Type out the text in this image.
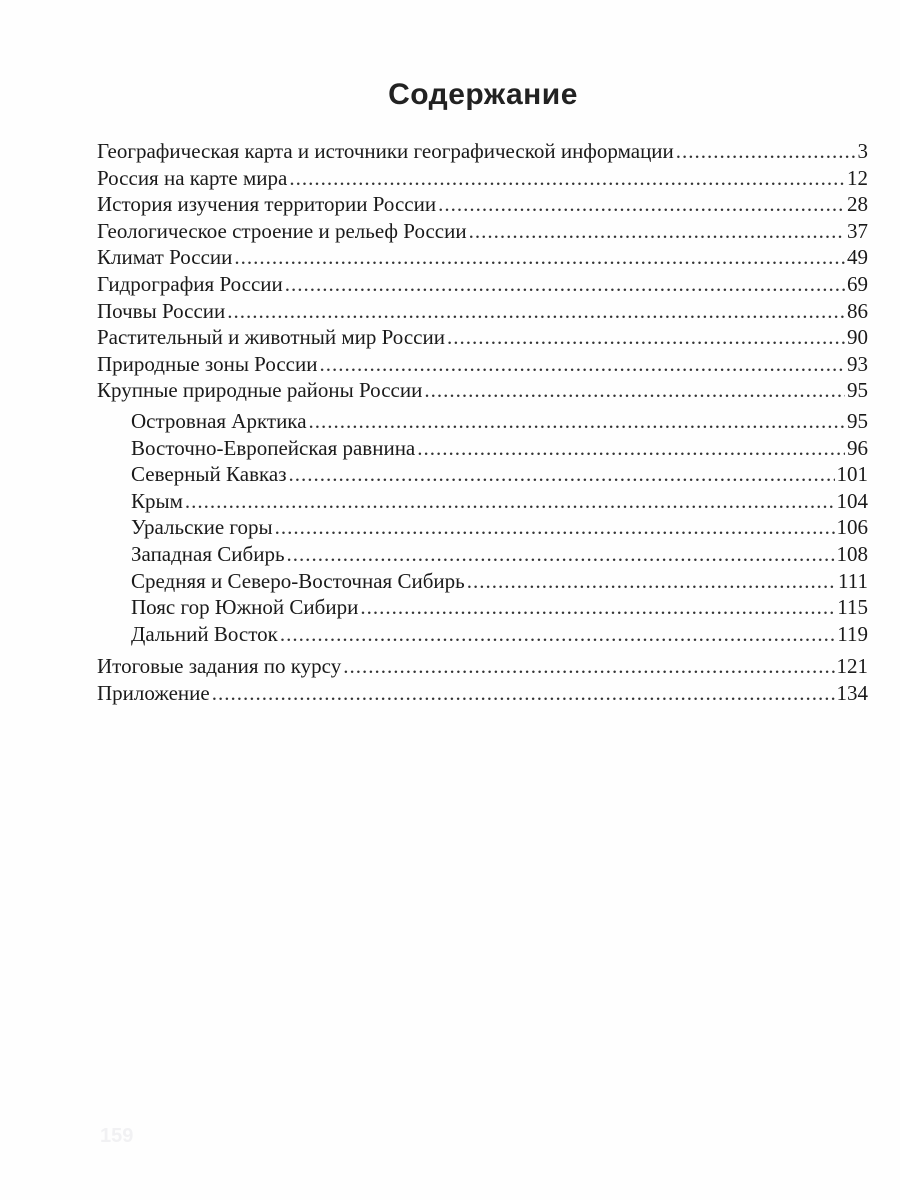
Содержание
Географическая карта и источники географической информации .....	3
Россия на карте мира .....	12
История изучения территории России .....	28
Геологическое строение и рельеф России .....	37
Климат России .....	49
Гидрография России .....	69
Почвы России .....	86
Растительный и животный мир России .....	90
Природные зоны России .....	93
Крупные природные районы России .....	95
Островная Арктика .....	95
Восточно-Европейская равнина .....	96
Северный Кавказ .....	101
Крым .....	104
Уральские горы .....	106
Западная Сибирь .....	108
Средняя и Северо-Восточная Сибирь .....	111
Пояс гор Южной Сибири .....	115
Дальний Восток .....	119
Итоговые задания по курсу .....	121
Приложение .....	134
159
